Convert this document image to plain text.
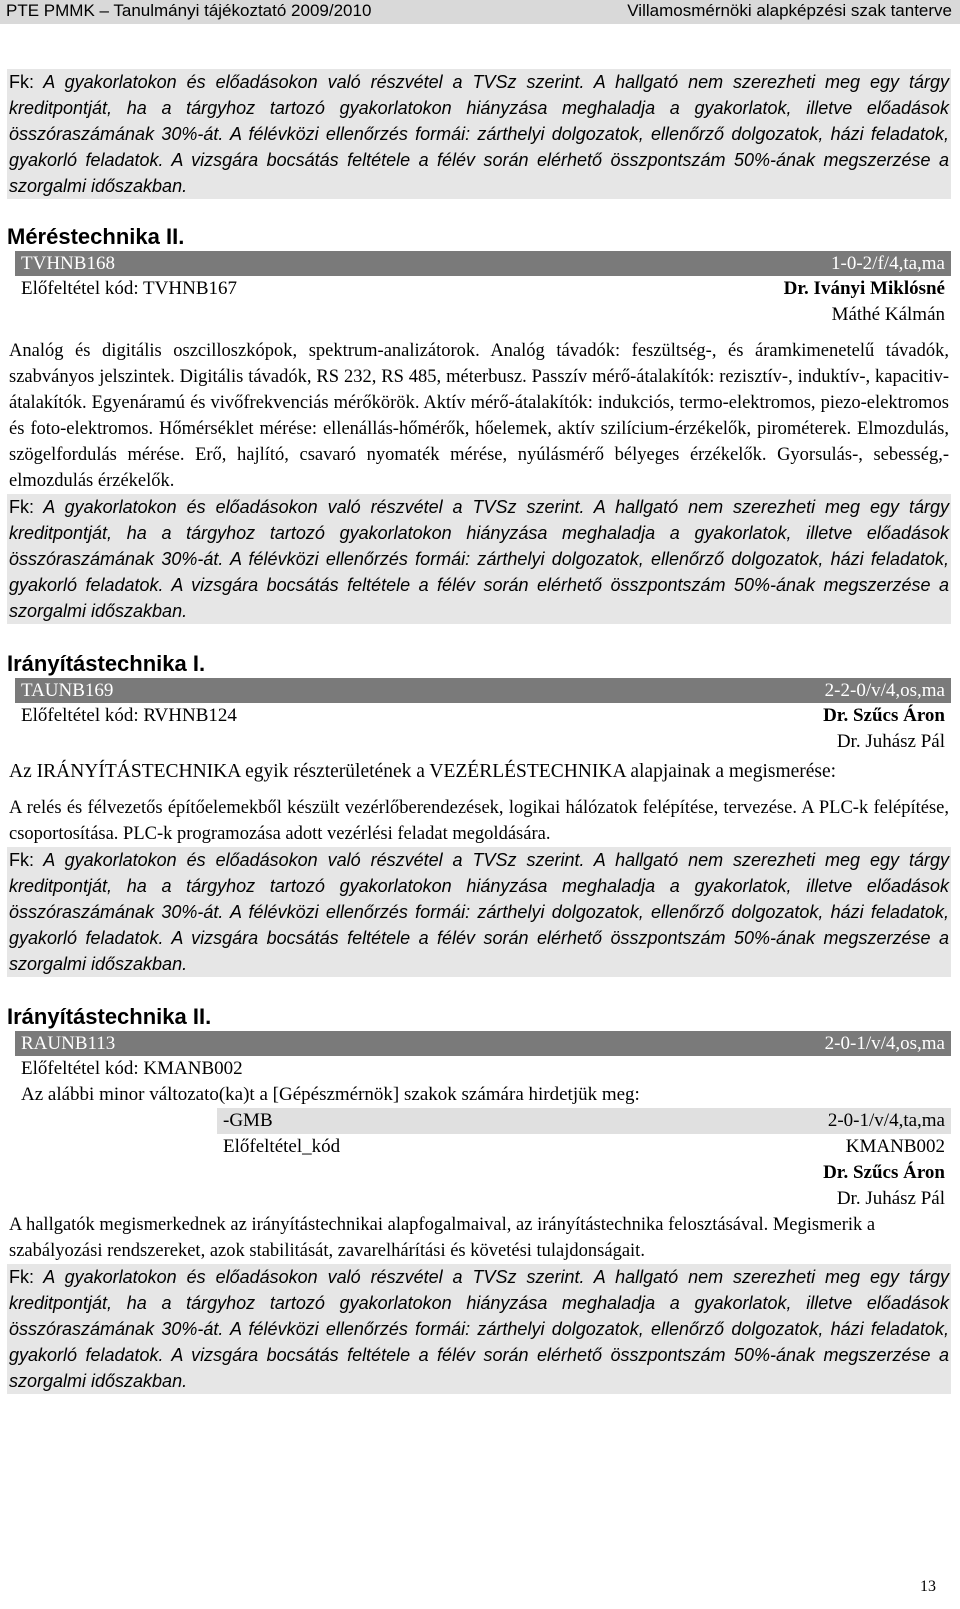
PTE PMMK – Tanulmányi tájékoztató 2009/2010	Villamosmérnöki alapképzési szak tanterve

Fk: A gyakorlatokon és előadásokon való részvétel a TVSz szerint. A hallgató nem szerezheti meg egy tárgy kreditpontját, ha a tárgyhoz tartozó gyakorlatokon hiányzása meghaladja a gyakorlatok, illetve előadások összóraszámának 30%-át. A félévközi ellenőrzés formái: zárthelyi dolgozatok, ellenőrző dolgozatok, házi feladatok, gyakorló feladatok. A vizsgára bocsátás feltétele a félév során elérhető összpontszám 50%-ának megszerzése a szorgalmi időszakban.

Méréstechnika II.

TVHNB168	1-0-2/f/4,ta,ma
Előfeltétel kód: TVHNB167	Dr. Iványi Miklósné
Máthé Kálmán

Analóg és digitális oszcilloszkópok, spektrum-analizátorok. Analóg távadók: feszültség-, és áramkimenetelű távadók, szabványos jelszintek. Digitális távadók, RS 232, RS 485, méterbusz. Passzív mérő-átalakítók: rezisztív-, induktív-, kapacitiv-átalakítók. Egyenáramú és vivőfrekvenciás mérőkörök. Aktív mérő-átalakítók: indukciós, termo-elektromos, piezo-elektromos és foto-elektromos. Hőmérséklet mérése: ellenállás-hőmérők, hőelemek, aktív szilícium-érzékelők, pirométerek. Elmozdulás, szögelfordulás mérése. Erő, hajlító, csavaró nyomaték mérése, nyúlásmérő bélyeges érzékelők. Gyorsulás-, sebesség,- elmozdulás érzékelők.

Fk: A gyakorlatokon és előadásokon való részvétel a TVSz szerint. A hallgató nem szerezheti meg egy tárgy kreditpontját, ha a tárgyhoz tartozó gyakorlatokon hiányzása meghaladja a gyakorlatok, illetve előadások összóraszámának 30%-át. A félévközi ellenőrzés formái: zárthelyi dolgozatok, ellenőrző dolgozatok, házi feladatok, gyakorló feladatok. A vizsgára bocsátás feltétele a félév során elérhető összpontszám 50%-ának megszerzése a szorgalmi időszakban.

Irányítástechnika I.

TAUNB169	2-2-0/v/4,os,ma
Előfeltétel kód: RVHNB124	Dr. Szűcs Áron
Dr. Juhász Pál

Az IRÁNYÍTÁSTECHNIKA egyik részterületének a VEZÉRLÉSTECHNIKA alapjainak a megismerése:

A relés és félvezetős építőelemekből készült vezérlőberendezések, logikai hálózatok felépítése, tervezése. A PLC-k felépítése, csoportosítása. PLC-k programozása adott vezérlési feladat megoldására.

Fk: A gyakorlatokon és előadásokon való részvétel a TVSz szerint. A hallgató nem szerezheti meg egy tárgy kreditpontját, ha a tárgyhoz tartozó gyakorlatokon hiányzása meghaladja a gyakorlatok, illetve előadások összóraszámának 30%-át. A félévközi ellenőrzés formái: zárthelyi dolgozatok, ellenőrző dolgozatok, házi feladatok, gyakorló feladatok. A vizsgára bocsátás feltétele a félév során elérhető összpontszám 50%-ának megszerzése a szorgalmi időszakban.

Irányítástechnika II.

RAUNB113	2-0-1/v/4,os,ma
Előfeltétel kód: KMANB002
Az alábbi minor változato(ka)t a [Gépészmérnök] szakok számára hirdetjük meg:
-GMB	2-0-1/v/4,ta,ma
Előfeltétel_kód	KMANB002
Dr. Szűcs Áron
Dr. Juhász Pál

A hallgatók megismerkednek az irányítástechnikai alapfogalmaival, az irányítástechnika felosztásával. Megismerik a szabályozási rendszereket, azok stabilitását, zavarelhárítási és követési tulajdonságait.

Fk: A gyakorlatokon és előadásokon való részvétel a TVSz szerint. A hallgató nem szerezheti meg egy tárgy kreditpontját, ha a tárgyhoz tartozó gyakorlatokon hiányzása meghaladja a gyakorlatok, illetve előadások összóraszámának 30%-át. A félévközi ellenőrzés formái: zárthelyi dolgozatok, ellenőrző dolgozatok, házi feladatok, gyakorló feladatok. A vizsgára bocsátás feltétele a félév során elérhető összpontszám 50%-ának megszerzése a szorgalmi időszakban.

13
